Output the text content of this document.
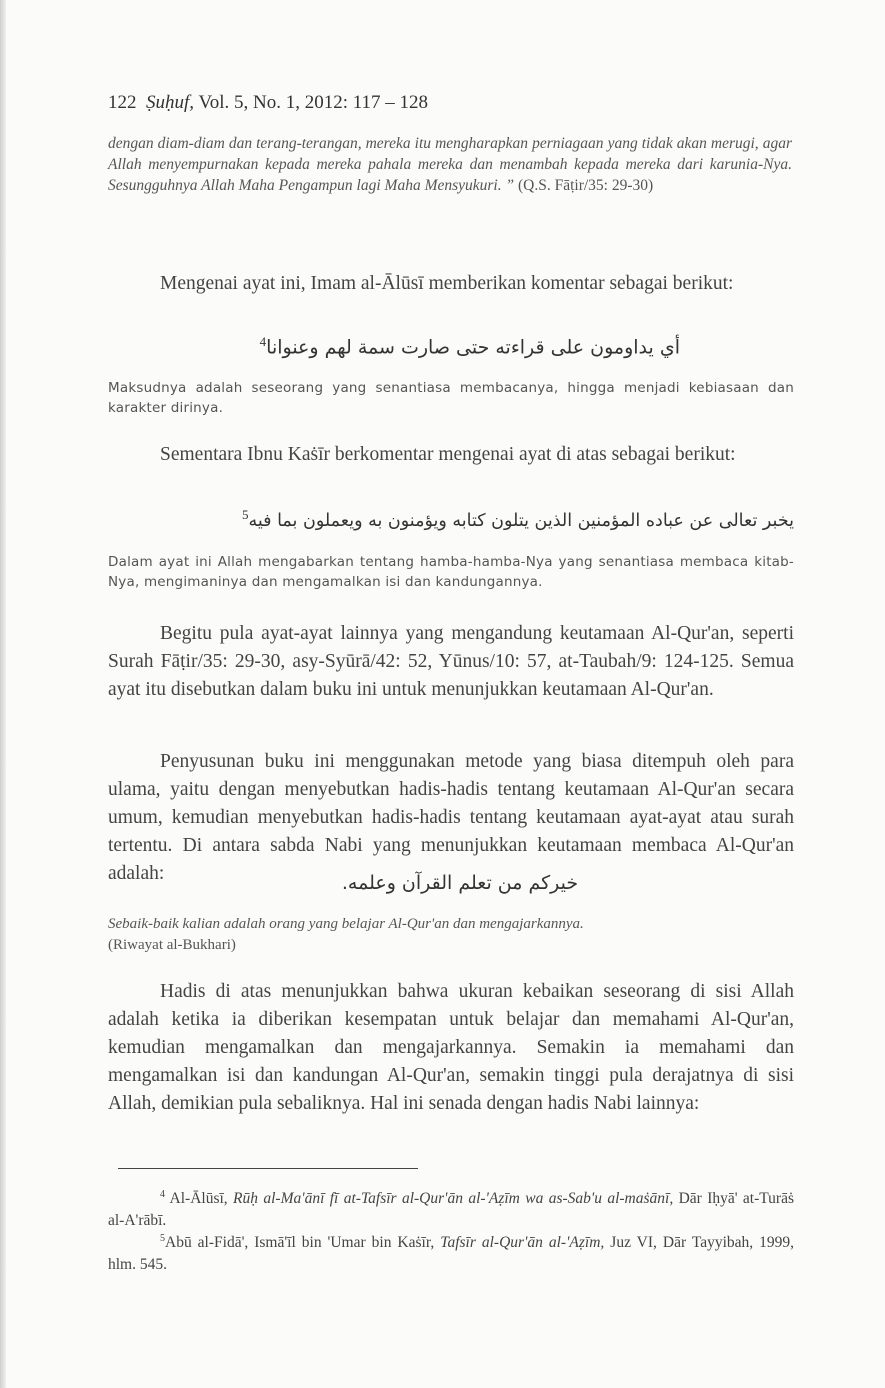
122 Ṣuḥuf, Vol. 5, No. 1, 2012: 117 – 128
dengan diam-diam dan terang-terangan, mereka itu mengharapkan perniagaan yang tidak akan merugi, agar Allah menyempurnakan kepada mereka pahala mereka dan menambah kepada mereka dari karunia-Nya. Sesungguhnya Allah Maha Pengampun lagi Maha Mensyukuri. ” (Q.S. Fāṭir/35: 29-30)

Mengenai ayat ini, Imam al-Ālūsī memberikan komentar sebagai berikut:

أي يداومون على قراءته حتى صارت سمة لهم وعنوانا$^4$

Maksudnya adalah seseorang yang senantiasa membacanya, hingga menjadi kebiasaan dan karakter dirinya.

Sementara Ibnu Kaṡīr berkomentar mengenai ayat di atas sebagai berikut:

يخبر تعالى عن عباده المؤمنين الذين يتلون كتابه ويؤمنون به ويعملون بما فيه$^5$

Dalam ayat ini Allah mengabarkan tentang hamba-hamba-Nya yang senantiasa membaca kitab-Nya, mengimaninya dan mengamalkan isi dan kandungannya.

Begitu pula ayat-ayat lainnya yang mengandung keutamaan Al-Qur'an, seperti Surah Fāṭir/35: 29-30, asy-Syūrā/42: 52, Yūnus/10: 57, at-Taubah/9: 124-125. Semua ayat itu disebutkan dalam buku ini untuk menunjukkan keutamaan Al-Qur'an.

Penyusunan buku ini menggunakan metode yang biasa ditempuh oleh para ulama, yaitu dengan menyebutkan hadis-hadis tentang keutamaan Al-Qur'an secara umum, kemudian menyebutkan hadis-hadis tentang keutamaan ayat-ayat atau surah tertentu. Di antara sabda Nabi yang menunjukkan keutamaan membaca Al-Qur'an adalah:	خيركم من تعلم القرآن وعلمه.
Sebaik-baik kalian adalah orang yang belajar Al-Qur'an dan mengajarkannya.
(Riwayat al-Bukhari)

Hadis di atas menunjukkan bahwa ukuran kebaikan seseorang di sisi Allah adalah ketika ia diberikan kesempatan untuk belajar dan memahami Al-Qur'an, kemudian mengamalkan dan mengajarkannya. Semakin ia memahami dan mengamalkan isi dan kandungan Al-Qur'an, semakin tinggi pula derajatnya di sisi Allah, demikian pula sebaliknya. Hal ini senada dengan hadis Nabi lainnya:

$^4$ Al-Ālūsī, Rūḥ al-Ma'ānī fī at-Tafsīr al-Qur'ān al-'Aẓīm wa as-Sab'u al-maṡānī, Dār Iḥyā' at-Turāṡ al-A'rābī.
$^5$Abū al-Fidā', Ismā'īl bin 'Umar bin Kaṡīr, Tafsīr al-Qur'ān al-'Aẓīm, Juz VI, Dār Tayyibah, 1999, hlm. 545.
